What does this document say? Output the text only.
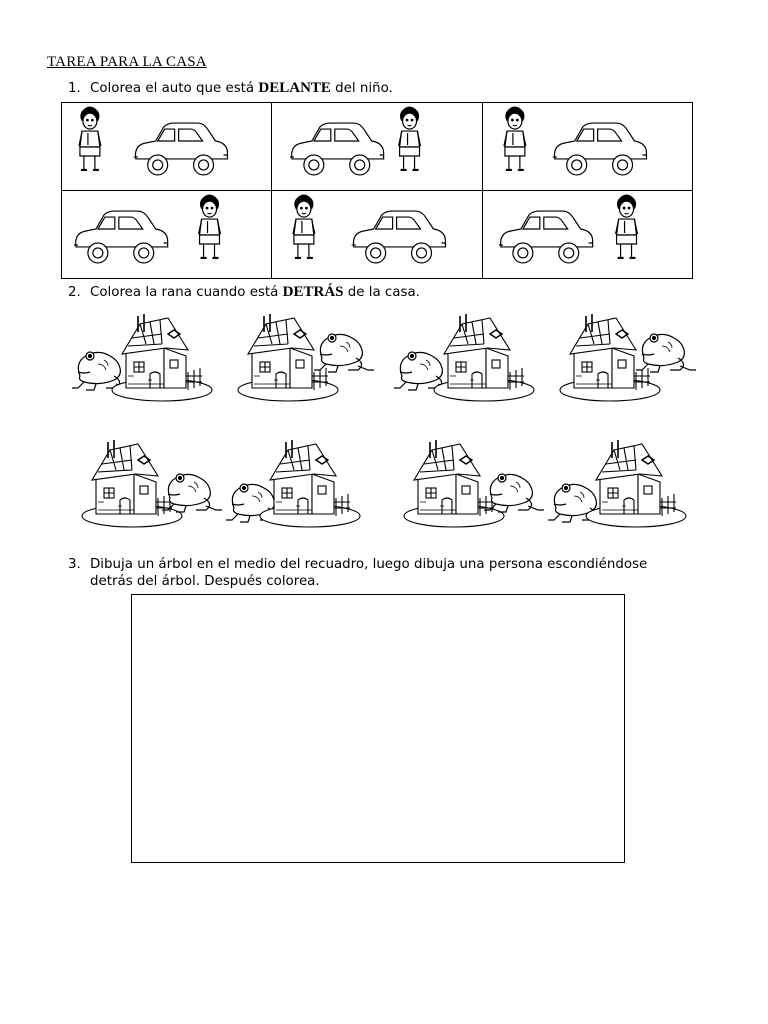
TAREA PARA LA CASA
1. Colorea el auto que está DELANTE del niño.

2. Colorea la rana cuando está DETRÁS de la casa.
3. Dibuja un árbol en el medio del recuadro, luego dibuja una persona escondiéndose
detrás del árbol. Después colorea.
